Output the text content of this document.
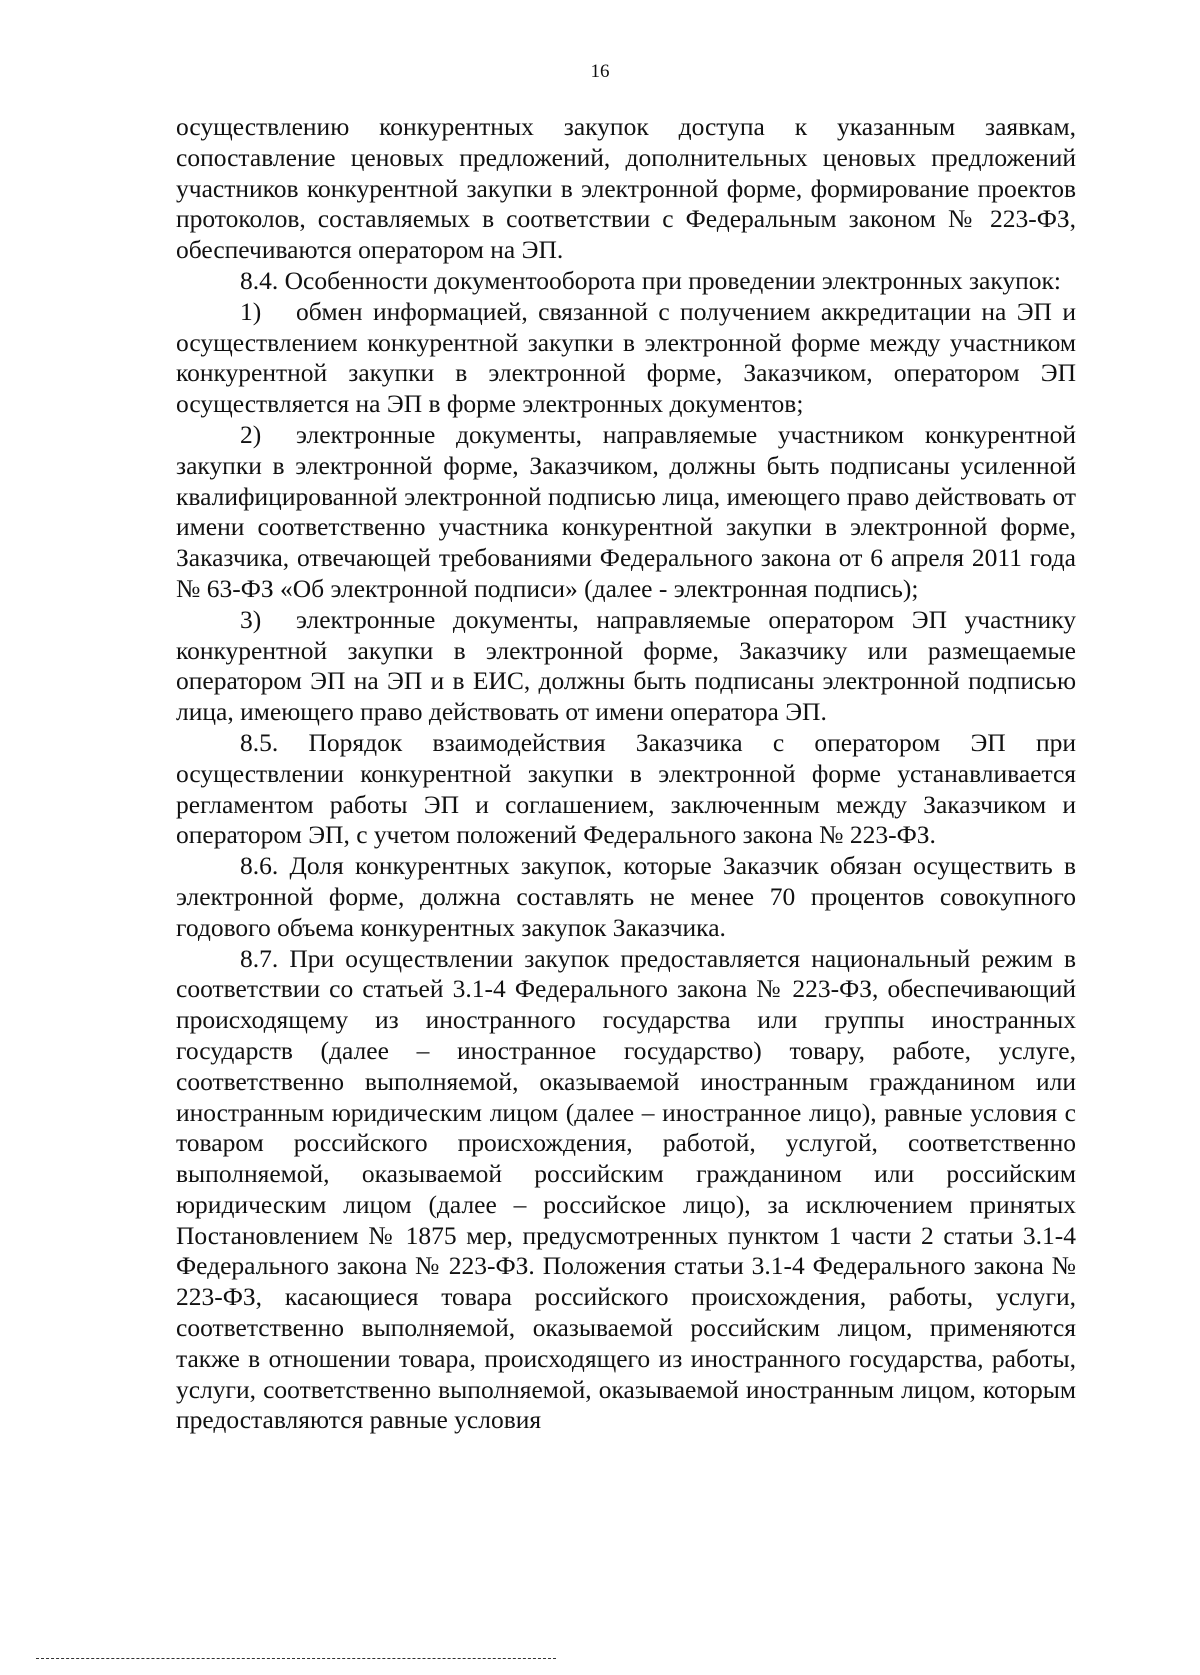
16

осуществлению конкурентных закупок доступа к указанным заявкам, сопоставление ценовых предложений, дополнительных ценовых предложений участников конкурентной закупки в электронной форме, формирование проектов протоколов, составляемых в соответствии с Федеральным законом № 223-ФЗ, обеспечиваются оператором на ЭП.

8.4. Особенности документооборота при проведении электронных закупок:

1) обмен информацией, связанной с получением аккредитации на ЭП и осуществлением конкурентной закупки в электронной форме между участником конкурентной закупки в электронной форме, Заказчиком, оператором ЭП осуществляется на ЭП в форме электронных документов;

2) электронные документы, направляемые участником конкурентной закупки в электронной форме, Заказчиком, должны быть подписаны усиленной квалифицированной электронной подписью лица, имеющего право действовать от имени соответственно участника конкурентной закупки в электронной форме, Заказчика, отвечающей требованиями Федерального закона от 6 апреля 2011 года № 63-ФЗ «Об электронной подписи» (далее - электронная подпись);

3) электронные документы, направляемые оператором ЭП участнику конкурентной закупки в электронной форме, Заказчику или размещаемые оператором ЭП на ЭП и в ЕИС, должны быть подписаны электронной подписью лица, имеющего право действовать от имени оператора ЭП.

8.5. Порядок взаимодействия Заказчика с оператором ЭП при осуществлении конкурентной закупки в электронной форме устанавливается регламентом работы ЭП и соглашением, заключенным между Заказчиком и оператором ЭП, с учетом положений Федерального закона № 223-ФЗ.

8.6. Доля конкурентных закупок, которые Заказчик обязан осуществить в электронной форме, должна составлять не менее 70 процентов совокупного годового объема конкурентных закупок Заказчика.

8.7. При осуществлении закупок предоставляется национальный режим в соответствии со статьей 3.1-4 Федерального закона № 223-ФЗ, обеспечивающий происходящему из иностранного государства или группы иностранных государств (далее – иностранное государство) товару, работе, услуге, соответственно выполняемой, оказываемой иностранным гражданином или иностранным юридическим лицом (далее – иностранное лицо), равные условия с товаром российского происхождения, работой, услугой, соответственно выполняемой, оказываемой российским гражданином или российским юридическим лицом (далее – российское лицо), за исключением принятых Постановлением № 1875 мер, предусмотренных пунктом 1 части 2 статьи 3.1-4 Федерального закона № 223-ФЗ. Положения статьи 3.1-4 Федерального закона № 223-ФЗ, касающиеся товара российского происхождения, работы, услуги, соответственно выполняемой, оказываемой российским лицом, применяются также в отношении товара, происходящего из иностранного государства, работы, услуги, соответственно выполняемой, оказываемой иностранным лицом, которым предоставляются равные условия
